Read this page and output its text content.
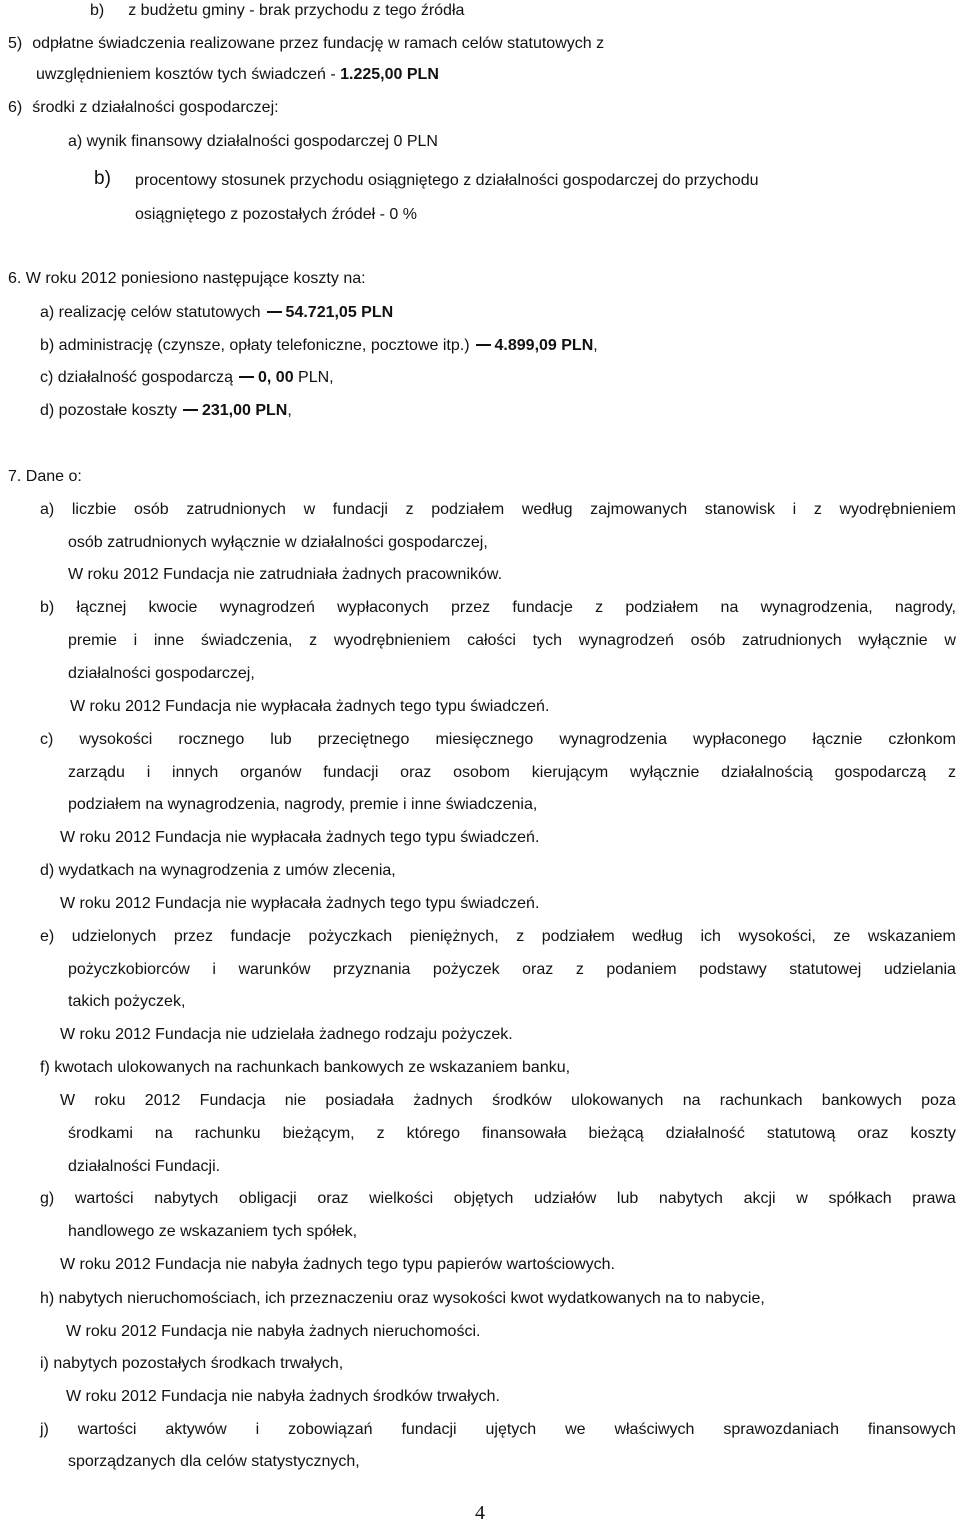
b) z budżetu gminy - brak przychodu z tego źródła
5) odpłatne świadczenia realizowane przez fundację w ramach celów statutowych z
uwzględnieniem kosztów tych świadczeń - 1.225,00 PLN
6) środki z działalności gospodarczej:
a) wynik finansowy działalności gospodarczej 0 PLN
b) procentowy stosunek przychodu osiągniętego z działalności gospodarczej do przychodu
osiągniętego z pozostałych źródeł - 0 %
6. W roku 2012 poniesiono następujące koszty na:
a) realizację celów statutowych 54.721,05 PLN
b) administrację (czynsze, opłaty telefoniczne, pocztowe itp.) 4.899,09 PLN,
c) działalność gospodarczą 0, 00 PLN,
d) pozostałe koszty 231,00 PLN,
7. Dane o:
a) liczbie osób zatrudnionych w fundacji z podziałem według zajmowanych stanowisk i z wyodrębnieniem
osób zatrudnionych wyłącznie w działalności gospodarczej,
W roku 2012 Fundacja nie zatrudniała żadnych pracowników.
b) łącznej kwocie wynagrodzeń wypłaconych przez fundacje z podziałem na wynagrodzenia, nagrody,
premie i inne świadczenia, z wyodrębnieniem całości tych wynagrodzeń osób zatrudnionych wyłącznie w
działalności gospodarczej,
W roku 2012 Fundacja nie wypłacała żadnych tego typu świadczeń.
c) wysokości rocznego lub przeciętnego miesięcznego wynagrodzenia wypłaconego łącznie członkom
zarządu i innych organów fundacji oraz osobom kierującym wyłącznie działalnością gospodarczą z
podziałem na wynagrodzenia, nagrody, premie i inne świadczenia,
W roku 2012 Fundacja nie wypłacała żadnych tego typu świadczeń.
d) wydatkach na wynagrodzenia z umów zlecenia,
W roku 2012 Fundacja nie wypłacała żadnych tego typu świadczeń.
e) udzielonych przez fundacje pożyczkach pieniężnych, z podziałem według ich wysokości, ze wskazaniem
pożyczkobiorców i warunków przyznania pożyczek oraz z podaniem podstawy statutowej udzielania
takich pożyczek,
W roku 2012 Fundacja nie udzielała żadnego rodzaju pożyczek.
f) kwotach ulokowanych na rachunkach bankowych ze wskazaniem banku,
W roku 2012 Fundacja nie posiadała żadnych środków ulokowanych na rachunkach bankowych poza
środkami na rachunku bieżącym, z którego finansowała bieżącą działalność statutową oraz koszty
działalności Fundacji.
g) wartości nabytych obligacji oraz wielkości objętych udziałów lub nabytych akcji w spółkach prawa
handlowego ze wskazaniem tych spółek,
W roku 2012 Fundacja nie nabyła żadnych tego typu papierów wartościowych.
h) nabytych nieruchomościach, ich przeznaczeniu oraz wysokości kwot wydatkowanych na to nabycie,
W roku 2012 Fundacja nie nabyła żadnych nieruchomości.
i) nabytych pozostałych środkach trwałych,
W roku 2012 Fundacja nie nabyła żadnych środków trwałych.
j) wartości aktywów i zobowiązań fundacji ujętych we właściwych sprawozdaniach finansowych
sporządzanych dla celów statystycznych,
4
